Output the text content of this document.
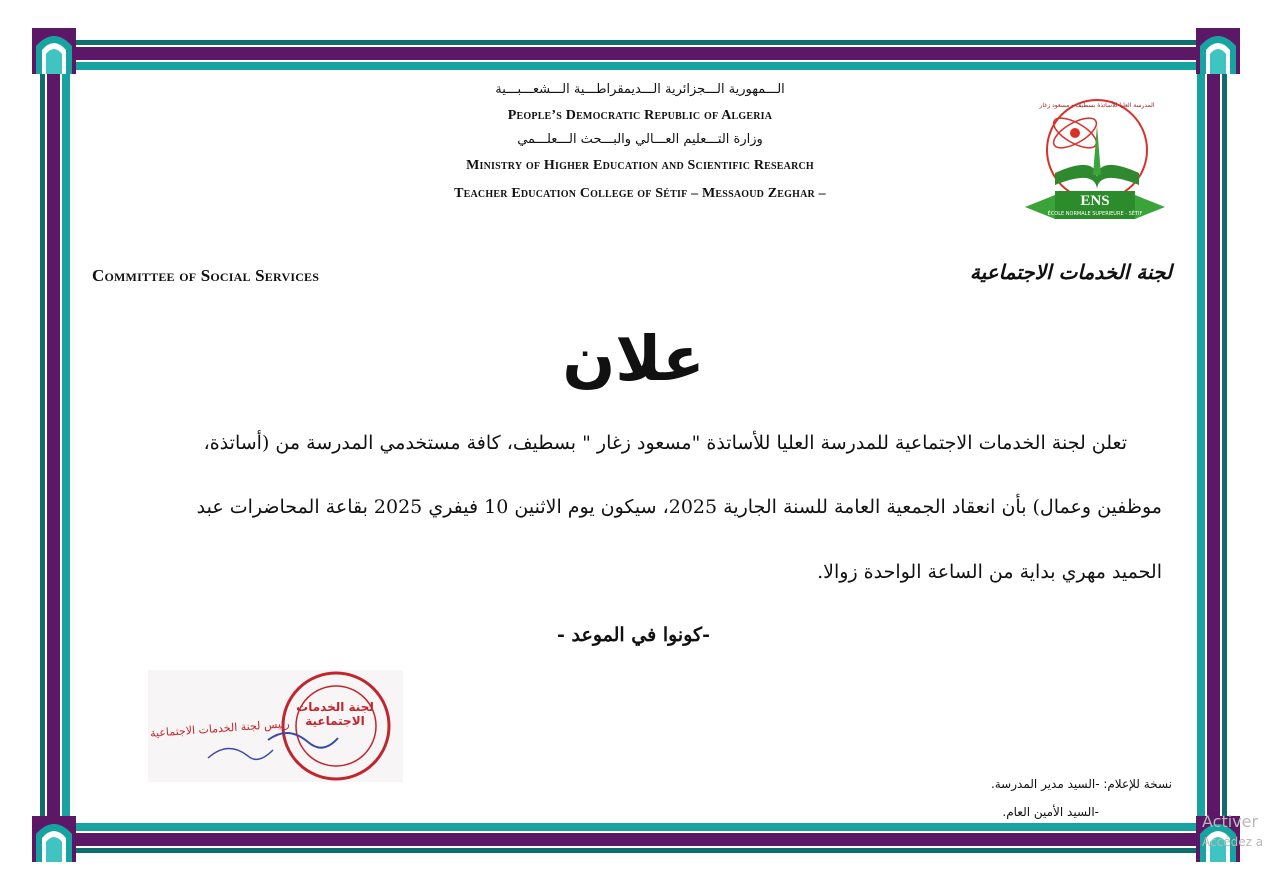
الـــمهورية الـــجزائرية الـــديمقراطـــية الـــشعـــبـــية
People’s Democratic Republic of Algeria
وزارة التـــعليم العـــالي والبـــحث الـــعلـــمي
Ministry of Higher Education and Scientific Research
Teacher Education College of Sétif – Messaoud Zeghar –	ENS
ÉCOLE NORMALE SUPERIEURE - SÉTIF
المدرسة العليا للأساتذة بسطيف - مسعود زغار
Committee of Social Services	لجنة الخدمات الاجتماعية
علان
تعلن لجنة الخدمات الاجتماعية للمدرسة العليا للأساتذة "مسعود زغار " بسطيف، كافة مستخدمي المدرسة من (أساتذة،
موظفين وعمال) بأن انعقاد الجمعية العامة للسنة الجارية 2025، سيكون يوم الاثنين 10 فيفري 2025 بقاعة المحاضرات عبد
الحميد مهري بداية من الساعة الواحدة زوالا.
-كونوا في الموعد -
لجنة الخدمات الاجتماعية
رئيس لجنة الخدمات الاجتماعية
نسخة للإعلام: -السيد مدير المدرسة.
-السيد الأمين العام.	Activer
Accédez a
